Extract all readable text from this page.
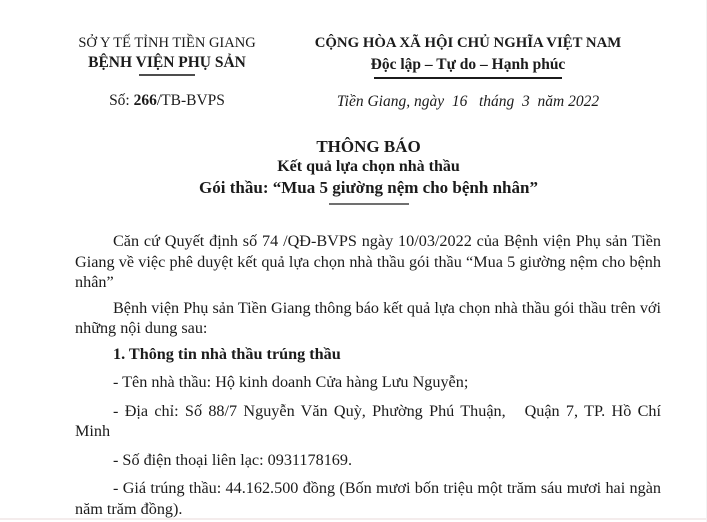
SỞ Y TẾ TỈNH TIỀN GIANG
BỆNH VIỆN PHỤ SẢN
Số: 266/TB-BVPS
CỘNG HÒA XÃ HỘI CHỦ NGHĨA VIỆT NAM
Độc lập – Tự do – Hạnh phúc
Tiền Giang, ngày  16   tháng  3  năm 2022
THÔNG BÁO
Kết quả lựa chọn nhà thầu
Gói thầu: “Mua 5 giường nệm cho bệnh nhân”

Căn cứ Quyết định số 74 /QĐ-BVPS ngày 10/03/2022 của Bệnh viện Phụ sản Tiền Giang về việc phê duyệt kết quả lựa chọn nhà thầu gói thầu “Mua 5 giường nệm cho bệnh nhân”

Bệnh viện Phụ sản Tiền Giang thông báo kết quả lựa chọn nhà thầu gói thầu trên với những nội dung sau:

1. Thông tin nhà thầu trúng thầu

- Tên nhà thầu: Hộ kinh doanh Cửa hàng Lưu Nguyễn;

- Địa chỉ: Số 88/7 Nguyễn Văn Quỳ, Phường Phú Thuận,   Quận 7, TP. Hồ Chí Minh

- Số điện thoại liên lạc: 0931178169.

- Giá trúng thầu: 44.162.500 đồng (Bốn mươi bốn triệu một trăm sáu mươi hai ngàn năm trăm đồng).
